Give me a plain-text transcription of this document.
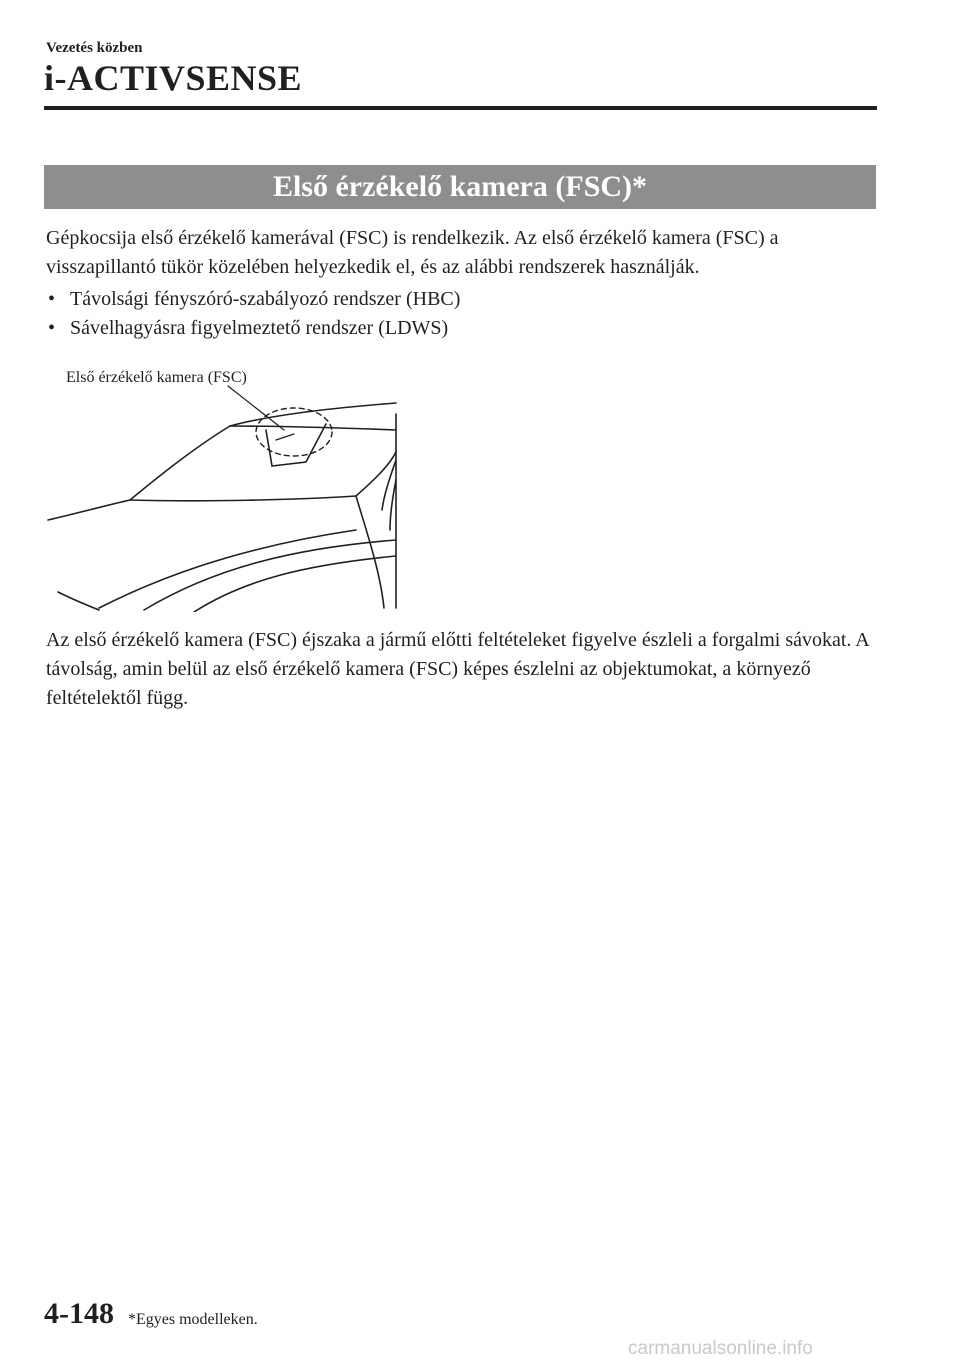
Vezetés közben
i-ACTIVSENSE
Első érzékelő kamera (FSC)*
Gépkocsija első érzékelő kamerával (FSC) is rendelkezik. Az első érzékelő kamera (FSC) a visszapillantó tükör közelében helyezkedik el, és az alábbi rendszerek használják.
• Távolsági fényszóró-szabályozó rendszer (HBC)
• Sávelhagyásra figyelmeztető rendszer (LDWS)
Első érzékelő kamera (FSC)
Az első érzékelő kamera (FSC) éjszaka a jármű előtti feltételeket figyelve észleli a forgalmi sávokat. A távolság, amin belül az első érzékelő kamera (FSC) képes észlelni az objektumokat, a környező feltételektől függ.
4-148 *Egyes modelleken.
carmanualsonline.info
